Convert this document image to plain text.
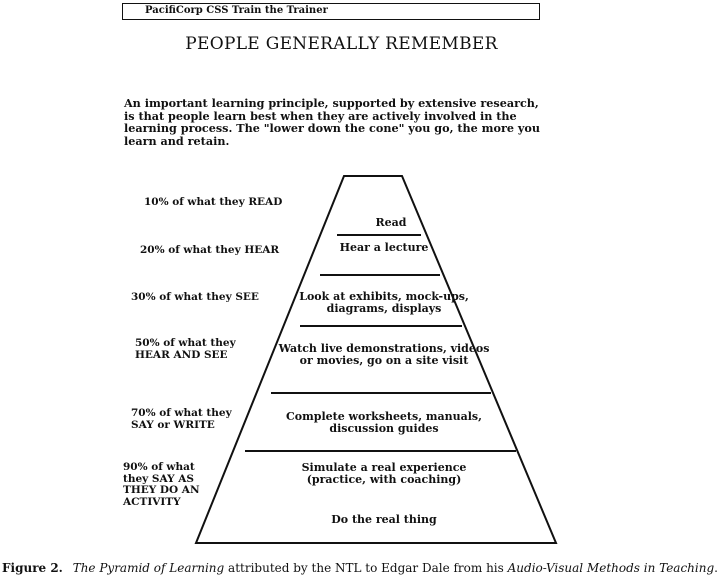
PacifiCorp CSS Train the Trainer
PEOPLE GENERALLY REMEMBER
An important learning principle, supported by extensive research, is that people learn best when they are actively involved in the learning process. The "lower down the cone" you go, the more you learn and retain.
10% of what they READ
20% of what they HEAR
30% of what they SEE
50% of what they
HEAR AND SEE
70% of what they
SAY or WRITE
90% of what
they SAY AS
THEY DO AN
ACTIVITY
Read
Hear a lecture
Look at exhibits, mock-ups,
diagrams, displays
Watch live demonstrations, videos
or movies, go on a site visit
Complete worksheets, manuals,
discussion guides
Simulate a real experience
(practice, with coaching)
Do the real thing
Figure 2. The Pyramid of Learning attributed by the NTL to Edgar Dale from his Audio-Visual Methods in Teaching.
